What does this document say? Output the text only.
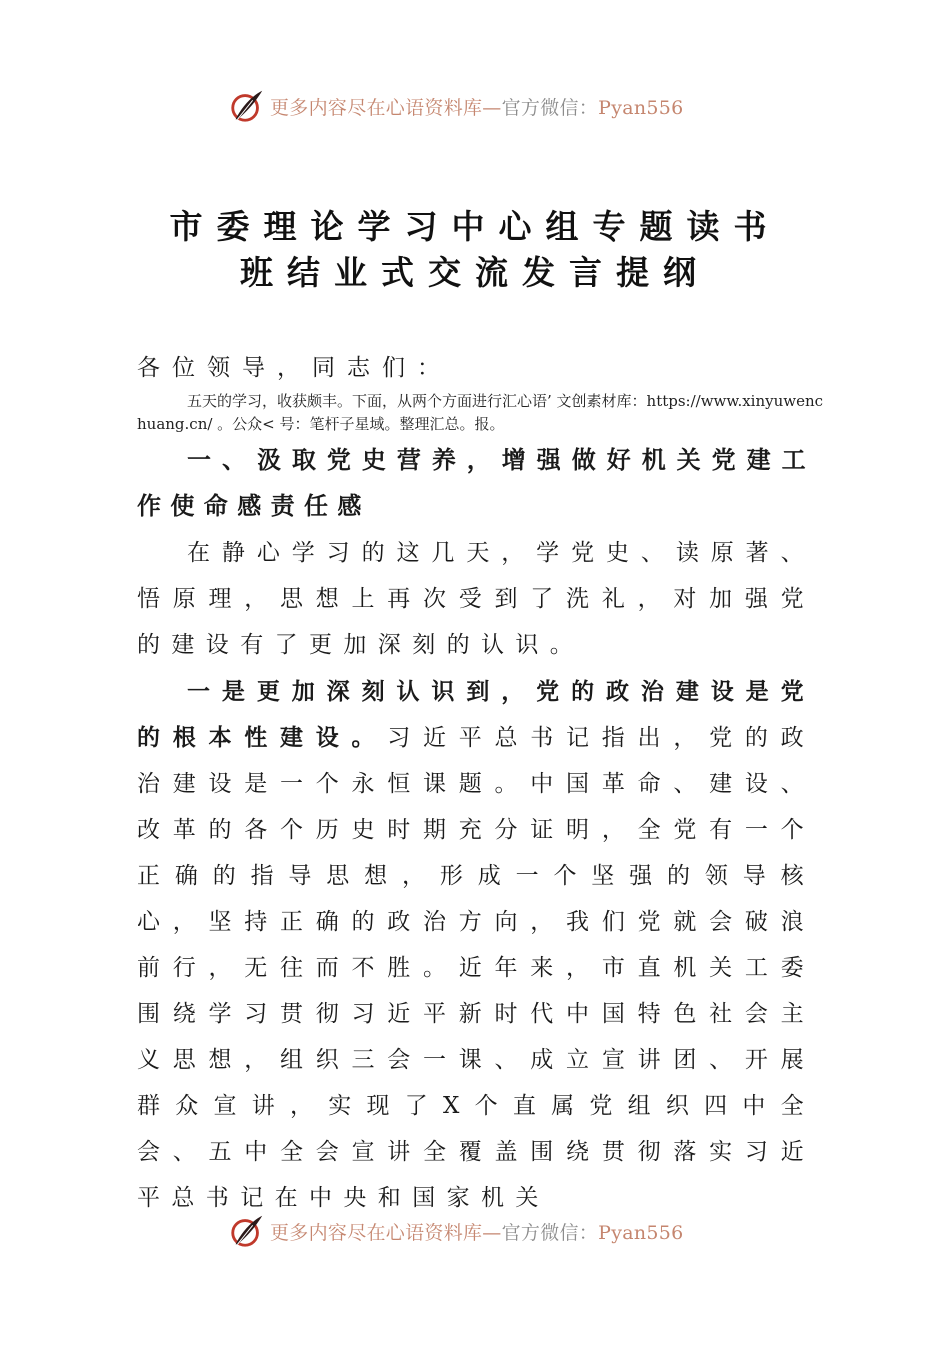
更多内容尽在心语资料库—官方微信：Pyan556
市委理论学习中心组专题读书
班结业式交流发言提纲
各位领导，同志们：
五天的学习，收获颇丰。下面，从两个方面进行汇心语’ 文创素材库：https://www.xinyuwenchuang.cn/ 。公众< 号：笔杆子星域。整理汇总。报。
一、汲取党史营养，增强做好机关党建工作使命感责任感
在静心学习的这几天，学党史、读原著、悟原理，思想上再次受到了洗礼，对加强党的建设有了更加深刻的认识。
一是更加深刻认识到，党的政治建设是党的根本性建设。习近平总书记指出，党的政治建设是一个永恒课题。中国革命、建设、改革的各个历史时期充分证明，全党有一个正确的指导思想，形成一个坚强的领导核心，坚持正确的政治方向，我们党就会破浪前行，无往而不胜。近年来，市直机关工委围绕学习贯彻习近平新时代中国特色社会主义思想，组织三会一课、成立宣讲团、开展群众宣讲，实现了X个直属党组织四中全会、五中全会宣讲全覆盖围绕贯彻落实习近平总书记在中央和国家机关
更多内容尽在心语资料库—官方微信：Pyan556
